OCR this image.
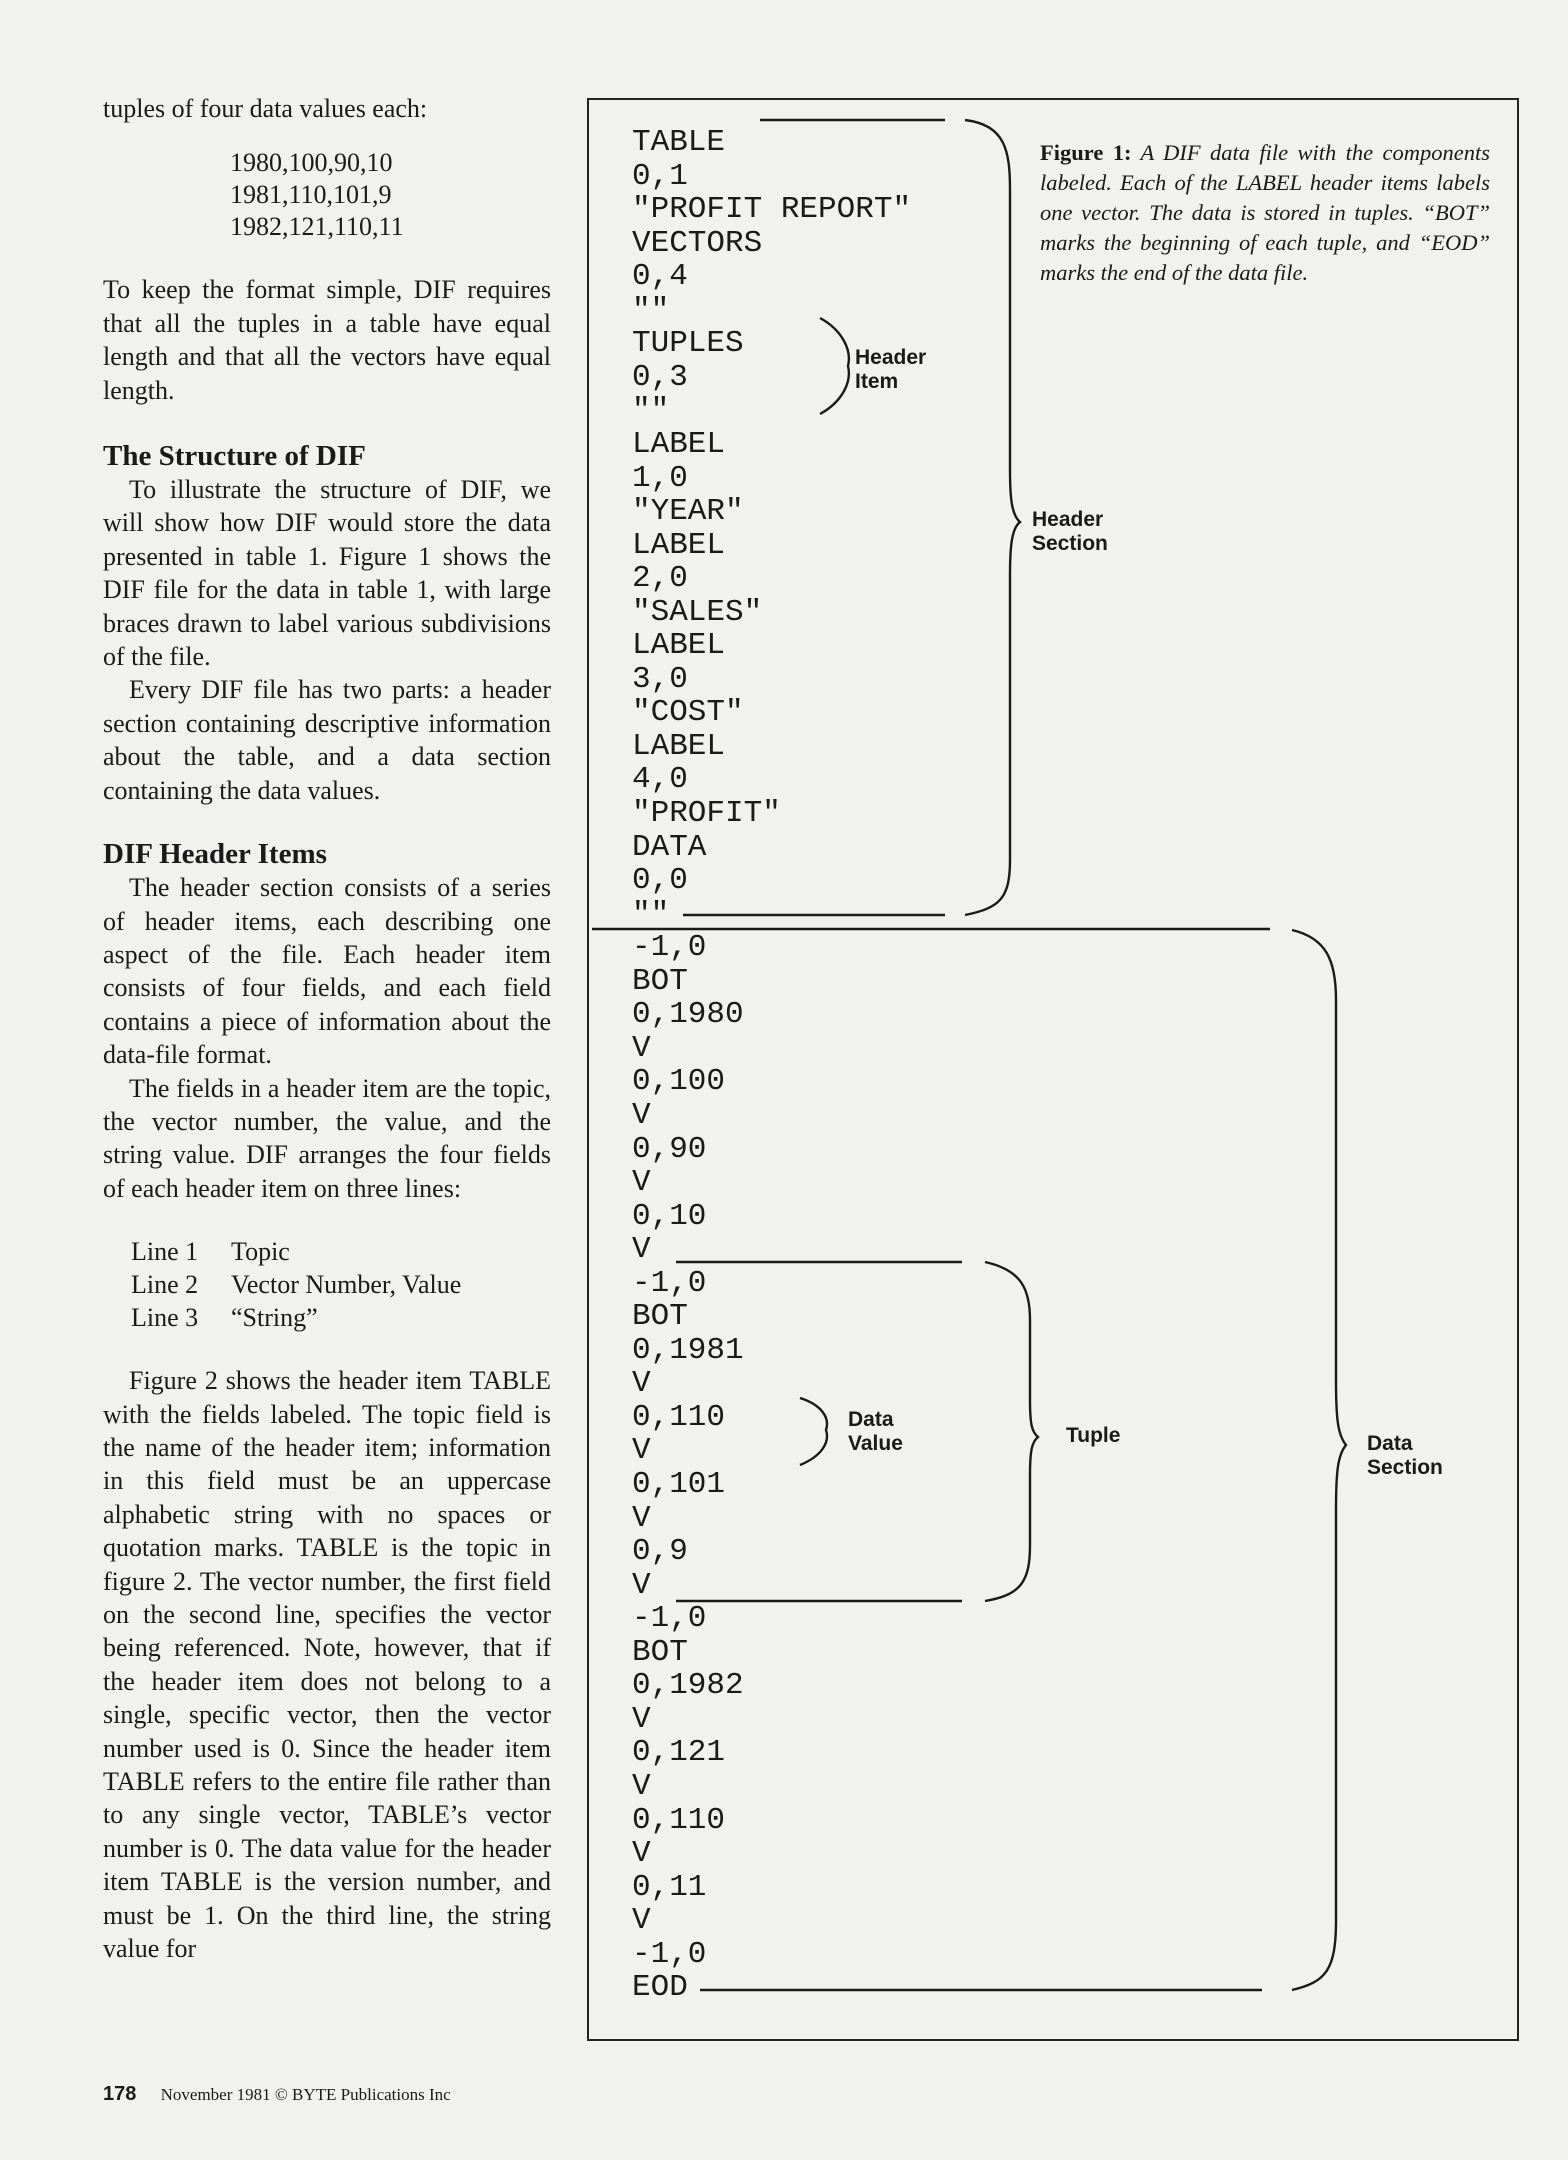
tuples of four data values each:

1980,100,90,10
1981,110,101,9
1982,121,110,11

To keep the format simple, DIF requires that all the tuples in a table have equal length and that all the vectors have equal length.

The Structure of DIF

To illustrate the structure of DIF, we will show how DIF would store the data presented in table 1. Figure 1 shows the DIF file for the data in table 1, with large braces drawn to label various subdivisions of the file.

Every DIF file has two parts: a header section containing descriptive information about the table, and a data section containing the data values.

DIF Header Items

The header section consists of a series of header items, each describing one aspect of the file. Each header item consists of four fields, and each field contains a piece of information about the data-file format.

The fields in a header item are the topic, the vector number, the value, and the string value. DIF arranges the four fields of each header item on three lines:

Line 1 Topic
Line 2 Vector Number, Value
Line 3 “String”

Figure 2 shows the header item TABLE with the fields labeled. The topic field is the name of the header item; information in this field must be an uppercase alphabetic string with no spaces or quotation marks. TABLE is the topic in figure 2. The vector number, the first field on the second line, specifies the vector being referenced. Note, however, that if the header item does not belong to a single, specific vector, then the vector number used is 0. Since the header item TABLE refers to the entire file rather than to any single vector, TABLE’s vector number is 0. The data value for the header item TABLE is the version number, and must be 1. On the third line, the string value for

178 November 1981 © BYTE Publications Inc
Figure 1: A DIF data file with the components labeled. Each of the LABEL header items labels one vector. The data is stored in tuples. “BOT” marks the beginning of each tuple, and “EOD” marks the end of the data file.
TABLE
0,1
"PROFIT REPORT"
VECTORS
0,4
""
TUPLES
0,3
""
LABEL
1,0
"YEAR"
LABEL
2,0
"SALES"
LABEL
3,0
"COST"
LABEL
4,0
"PROFIT"
DATA
0,0
""
-1,0
BOT
0,1980
V
0,100
V
0,90
V
0,10
V
-1,0
BOT
0,1981
V
0,110
V
0,101
V
0,9
V
-1,0
BOT
0,1982
V
0,121
V
0,110
V
0,11
V
-1,0
EOD
Header
Item
Header
Section
Data
Value	Tuple	Data
Section
